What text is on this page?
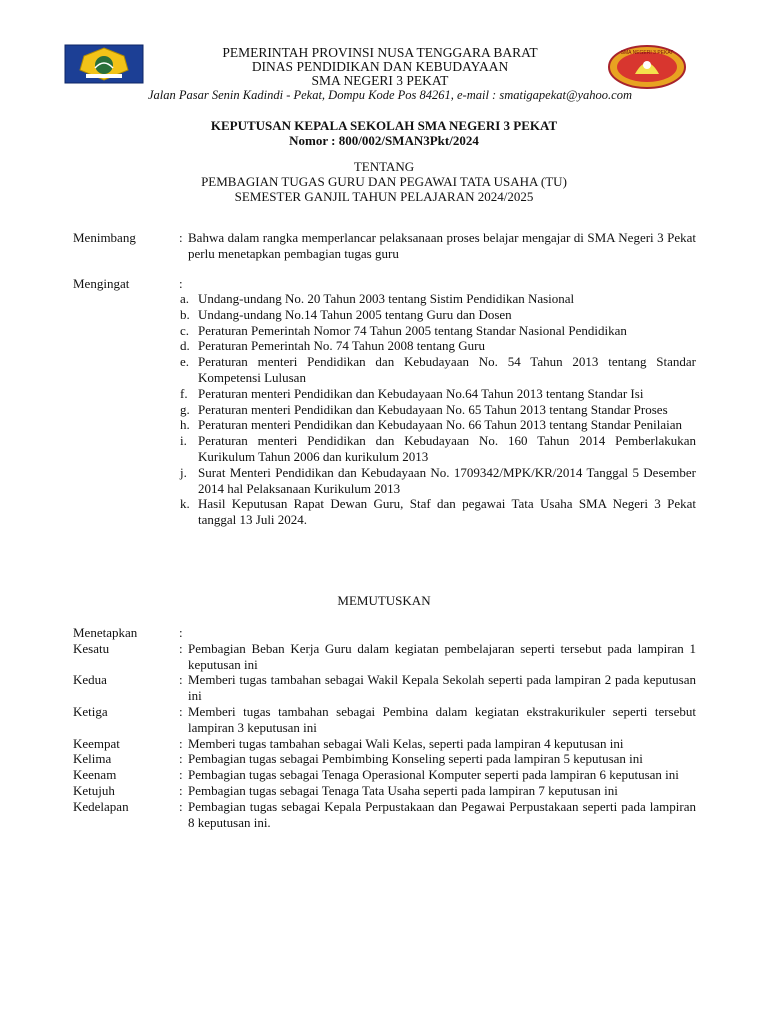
PEMERINTAH PROVINSI NUSA TENGGARA BARAT
DINAS PENDIDIKAN DAN KEBUDAYAAN
SMA NEGERI 3 PEKAT
SMA NEGERI 3 PEKAT
Jalan Pasar Senin Kadindi - Pekat, Dompu Kode Pos 84261, e-mail : smatigapekat@yahoo.com
KEPUTUSAN KEPALA SEKOLAH SMA NEGERI 3 PEKAT
Nomor : 800/002/SMAN3Pkt/2024
TENTANG
PEMBAGIAN TUGAS GURU DAN PEGAWAI TATA USAHA (TU)
SEMESTER GANJIL TAHUN PELAJARAN 2024/2025
Menimbang	: Bahwa dalam rangka memperlancar pelaksanaan proses belajar mengajar di SMA Negeri 3 Pekat perlu menetapkan pembagian tugas guru
Mengingat	:
a. Undang-undang No. 20 Tahun 2003 tentang Sistim Pendidikan Nasional
b. Undang-undang No.14 Tahun 2005 tentang Guru dan Dosen
c. Peraturan Pemerintah Nomor 74 Tahun 2005 tentang Standar Nasional Pendidikan
d. Peraturan Pemerintah No. 74 Tahun 2008 tentang Guru
e. Peraturan menteri Pendidikan dan Kebudayaan No. 54 Tahun 2013 tentang Standar Kompetensi Lulusan
f. Peraturan menteri Pendidikan dan Kebudayaan No.64 Tahun 2013 tentang Standar Isi
g. Peraturan menteri Pendidikan dan Kebudayaan No. 65 Tahun 2013 tentang Standar Proses
h. Peraturan menteri Pendidikan dan Kebudayaan No. 66 Tahun 2013 tentang Standar Penilaian
i. Peraturan menteri Pendidikan dan Kebudayaan No. 160 Tahun 2014 Pemberlakukan Kurikulum Tahun 2006 dan kurikulum 2013
j. Surat Menteri Pendidikan dan Kebudayaan No. 1709342/MPK/KR/2014 Tanggal 5 Desember 2014 hal Pelaksanaan Kurikulum 2013
k. Hasil Keputusan Rapat Dewan Guru, Staf dan pegawai Tata Usaha SMA Negeri 3 Pekat tanggal 13 Juli 2024.
MEMUTUSKAN
Menetapkan	:
Kesatu	: Pembagian Beban Kerja Guru dalam kegiatan pembelajaran seperti tersebut pada lampiran 1 keputusan ini
Kedua	: Memberi tugas tambahan sebagai Wakil Kepala Sekolah seperti pada lampiran 2 pada keputusan ini
Ketiga	: Memberi tugas tambahan sebagai Pembina dalam kegiatan ekstrakurikuler seperti tersebut lampiran 3 keputusan ini
Keempat	: Memberi tugas tambahan sebagai Wali Kelas, seperti pada lampiran 4 keputusan ini
Kelima	: Pembagian tugas sebagai Pembimbing Konseling seperti pada lampiran 5 keputusan ini
Keenam	: Pembagian tugas sebagai Tenaga Operasional Komputer seperti pada lampiran 6 keputusan ini
Ketujuh	: Pembagian tugas sebagai Tenaga Tata Usaha seperti pada lampiran 7 keputusan ini
Kedelapan	: Pembagian tugas sebagai Kepala Perpustakaan dan Pegawai Perpustakaan seperti pada lampiran 8 keputusan ini.
